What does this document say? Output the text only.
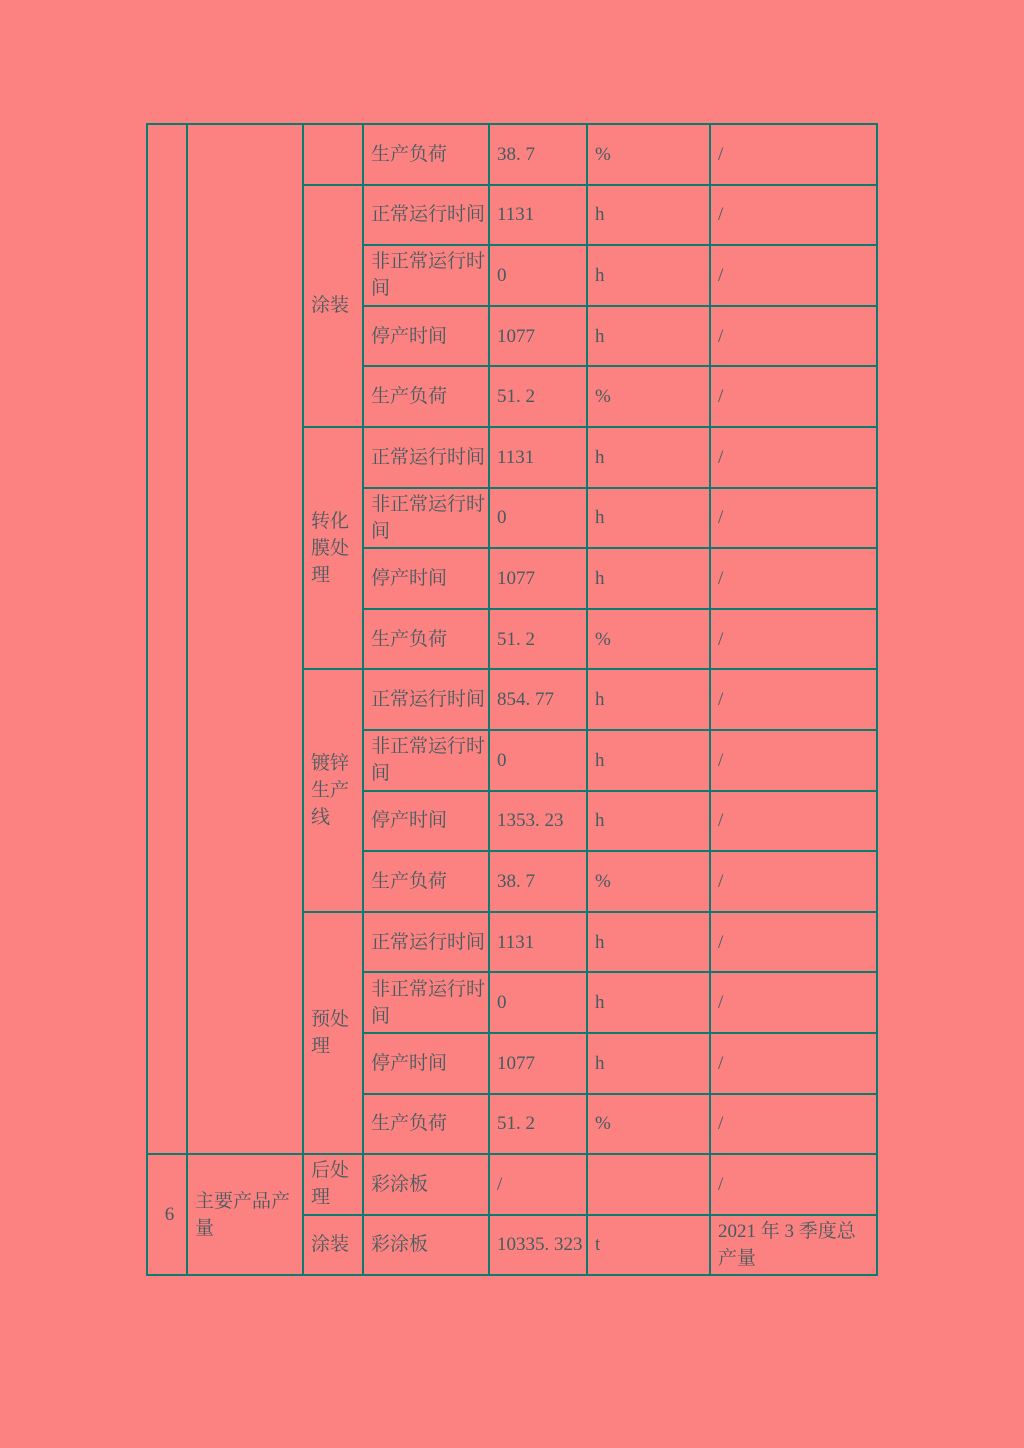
			生产负荷	38. 7	%	/
		涂装	正常运行时间	1131	h	/
			非正常运行时间	0	h	/
			停产时间	1077	h	/
			生产负荷	51. 2	%	/
		转化膜处理	正常运行时间	1131	h	/
			非正常运行时间	0	h	/
			停产时间	1077	h	/
			生产负荷	51. 2	%	/
		镀锌生产线	正常运行时间	854. 77	h	/
			非正常运行时间	0	h	/
			停产时间	1353. 23	h	/
			生产负荷	38. 7	%	/
		预处理	正常运行时间	1131	h	/
			非正常运行时间	0	h	/
			停产时间	1077	h	/
			生产负荷	51. 2	%	/
6	主要产品产量	后处理	彩涂板	/		/
		涂装	彩涂板	10335. 323	t	2021 年 3 季度总产量
